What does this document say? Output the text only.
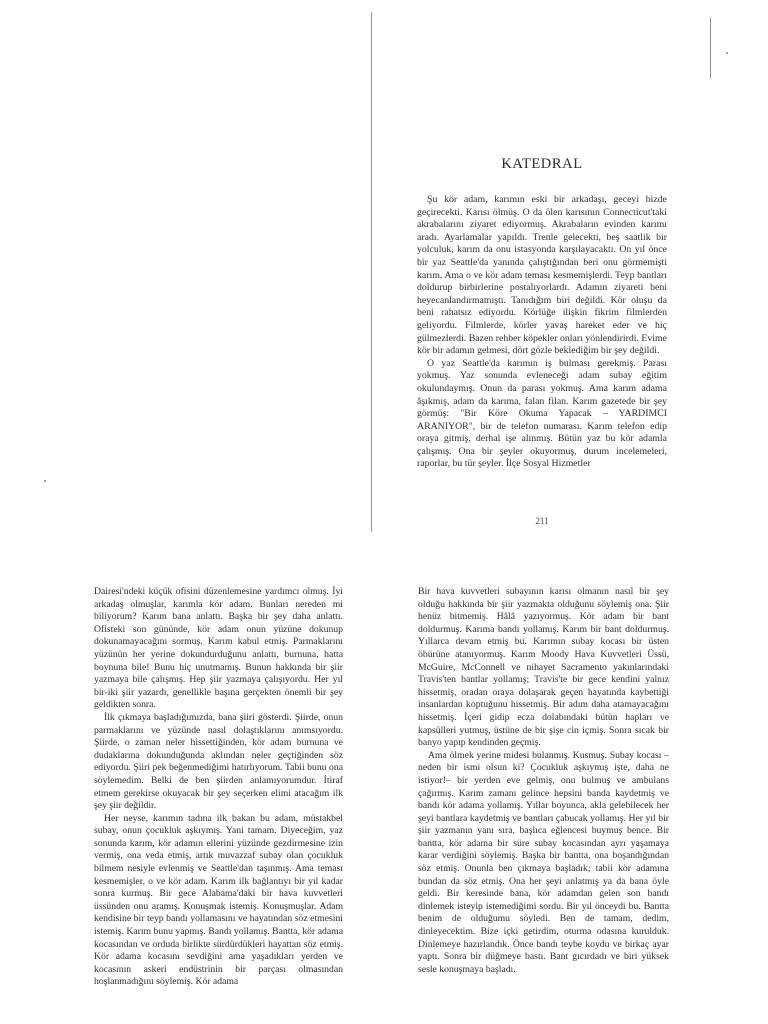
KATEDRAL

Şu kör adam, karımın eski bir arkadaşı, geceyi bizde geçirecekti. Karısı ölmüş. O da ölen karısının Connecticut'taki akrabalarını ziyaret ediyormuş. Akrabaların evinden karımı aradı. Ayarlamalar yapıldı. Trenle gelecekti, beş saatlik bir yolculuk, karım da onu istasyonda karşılayacaktı. On yıl önce bir yaz Seattle'da yanında çalıştığından beri onu görmemişti karım. Ama o ve kör adam teması kesmemişlerdi. Teyp bantları doldurup birbirlerine postalıyorlardı. Adamın ziyareti beni heyecanlandırmamıştı. Tanıdığım biri değildi. Kör oluşu da beni rahatsız ediyordu. Körlüğe ilişkin fikrim filmlerden geliyordu. Filmlerde, körler yavaş hareket eder ve hiç gülmezlerdi. Bazen rehber köpekler onları yönlendirirdi. Evime kör bir adamın gelmesi, dört gözle beklediğim bir şey değildi.

O yaz Seattle'da karımın iş bulması gerekmiş. Parası yokmuş. Yaz sonunda evleneceği adam subay eğitim okulundaymış. Onun da parası yokmuş. Ama karım adama âşıkmış, adam da karıma, falan filan. Karım gazetede bir şey görmüş: "Bir Köre Okuma Yapacak – YARDIMCI ARANIYOR", bir de telefon numarası. Karım telefon edip oraya gitmiş, derhal işe alınmış. Bütün yaz bu kör adamla çalışmış. Ona bir şeyler okuyormuş, durum incelemeleri, raporlar, bu tür şeyler. İlçe Sosyal Hizmetler

211

Dairesi'ndeki küçük ofisini düzenlemesine yardımcı olmuş. İyi arkadaş olmuşlar, karımla kör adam. Bunları nereden mi biliyorum? Karım bana anlattı. Başka bir şey daha anlattı. Ofisteki son gününde, kör adam onun yüzüne dokunup dokunamayacağını sormuş. Karım kabul etmiş. Parmaklarını yüzünün her yerine dokundurduğunu anlattı, burnuna, hatta boynuna bile! Bunu hiç unutmamış. Bunun hakkında bir şiir yazmaya bile çalışmış. Hep şiir yazmaya çalışıyordu. Her yıl bir-iki şiir yazardı, genellikle başına gerçekten önemli bir şey geldikten sonra.

İlk çıkmaya başladığımızda, bana şiiri gösterdi. Şiirde, onun parmaklarını ve yüzünde nasıl dolaştıklarını anımsıyordu. Şiirde, o zaman neler hissettiğinden, kör adam burnuna ve dudaklarına dokunduğunda aklından neler geçtiğinden söz ediyordu. Şiiri pek beğenmediğimi hatırlıyorum. Tabii bunu ona söylemedim. Belki de ben şiirden anlamıyorumdur. İtiraf etmem gerekirse okuyacak bir şey seçerken elimi atacağım ilk şey şiir değildir.

Her neyse, karımın tadına ilk bakan bu adam, müstakbel subay, onun çocukluk aşkıymış. Yani tamam. Diyeceğim, yaz sonunda karım, kör adamın ellerini yüzünde gezdirmesine izin vermiş, ona veda etmiş, artık muvazzaf subay olan çocukluk bilmem nesiyle evlenmiş ve Seattle'dan taşınmış. Ama teması kesmemişler, o ve kör adam. Karım ilk bağlantıyı bir yıl kadar sonra kurmuş. Bir gece Alabama'daki bir hava kuvvetleri üssünden onu aramış. Konuşmak istemiş. Konuşmuşlar. Adam kendisine bir teyp bandı yollamasını ve hayatından söz etmesini istemiş. Karım bunu yapmış. Bandı yollamış. Bantta, kör adama kocasından ve orduda birlikte sürdürdükleri hayattan söz etmiş. Kör adama kocasını sevdiğini ama yaşadıkları yerden ve kocasının askeri endüstrinin bir parçası olmasından hoşlanmadığını söylemiş. Kör adama

Bir hava kuvvetleri subayının karısı olmanın nasıl bir şey olduğu hakkında bir şiir yazmakta olduğunu söylemiş ona. Şiir henüz bitmemiş. Hâlâ yazıyormuş. Kör adam bir bant doldurmuş. Karıma bandı yollamış. Karım bir bant doldurmuş. Yıllarca devam etmiş bu. Karımın subay kocası bir üsten öbürüne atanıyormuş. Karım Moody Hava Kuvvetleri Üssü, McGuire, McConnell ve nihayet Sacramento yakınlarındaki Travis'ten bantlar yollamış; Travis'te bir gece kendini yalnız hissetmiş, oradan oraya dolaşarak geçen hayatında kaybettiği insanlardan koptuğunu hissetmiş. Bir adım daha atamayacağını hissetmiş. İçeri gidip ecza dolabındaki bütün hapları ve kapsülleri yutmuş, üstüne de bir şişe cin içmiş. Sonra sıcak bir banyo yapıp kendinden geçmiş.

Ama ölmek yerine midesi bulanmış. Kusmuş. Subay kocası –neden bir ismi olsun ki? Çocukluk aşkıymış işte, daha ne istiyor!– bir yerden eve gelmiş, onu bulmuş ve ambulans çağırmış. Karım zamanı gelince hepsini banda kaydetmiş ve bandı kör adama yollamış. Yıllar boyunca, akla gelebilecek her şeyi bantlara kaydetmiş ve bantları çabucak yollamış. Her yıl bir şiir yazmanın yanı sıra, başlıca eğlencesi buymuş bence. Bir bantta, kör adama bir süre subay kocasından ayrı yaşamaya karar verdiğini söylemiş. Başka bir bantta, ona boşandığından söz etmiş. Onunla ben çıkmaya başladık; tabii kör adamına bundan da söz etmiş. Ona her şeyi anlatmış ya da bana öyle geldi. Bir keresinde bana, kör adamdan gelen son bandı dinlemek isteyip istemediğimi sordu. Bir yıl önceydi bu. Bantta benim de olduğumu söyledi. Ben de tamam, dedim, dinleyecektim. Bize içki getirdim, oturma odasına kurulduk. Dinlemeye hazırlandık. Önce bandı teybe koydu ve birkaç ayar yaptı. Sonra bir düğmeye bastı. Bant gıcırdadı ve biri yüksek sesle konuşmaya başladı.
